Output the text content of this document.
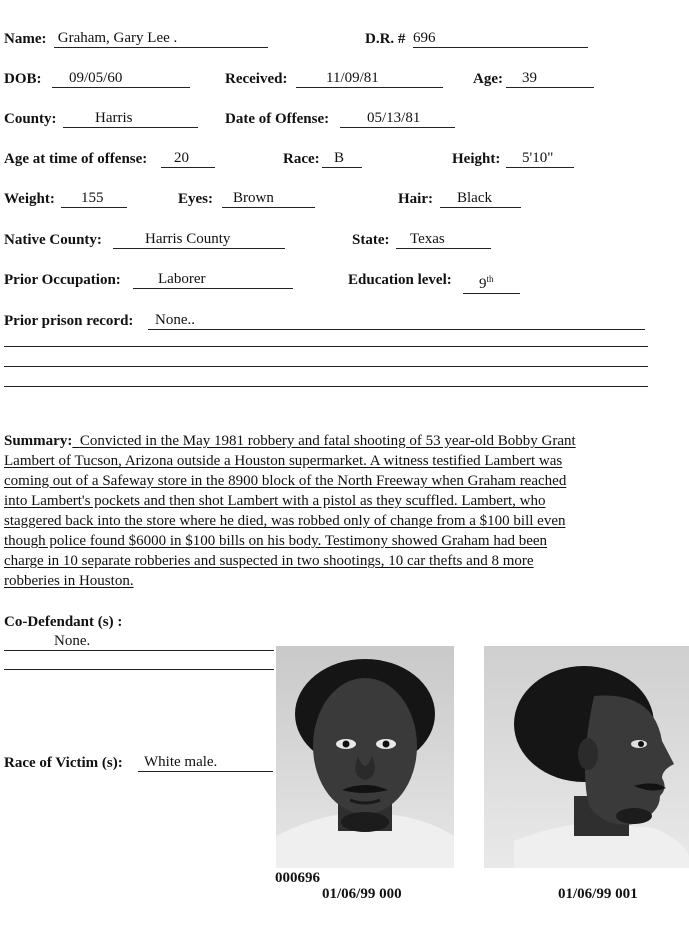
Name: Graham, Gary Lee .	D.R. # 696
DOB:	09/05/60	Received:	11/09/81	Age:	39
County:	Harris	Date of Offense:	05/13/81
Age at time of offense:	20	Race: B	Height:	5'10"
Weight:	155	Eyes:	Brown	Hair:	Black
Native County:	Harris County	State:	Texas
Prior Occupation:	Laborer	Education level:	9th
Prior prison record:	None..
Summary: Convicted in the May 1981 robbery and fatal shooting of 53 year-old Bobby Grant
Lambert of Tucson, Arizona outside a Houston supermarket. A witness testified Lambert was
coming out of a Safeway store in the 8900 block of the North Freeway when Graham reached
into Lambert's pockets and then shot Lambert with a pistol as they scuffled. Lambert, who
staggered back into the store where he died, was robbed only of change from a $100 bill even
though police found $6000 in $100 bills on his body. Testimony showed Graham had been
charge in 10 separate robberies and suspected in two shootings, 10 car thefts and 8 more
robberies in Houston.
Co-Defendant (s) :
None.
Race of Victim (s):	White male.
000696
01/06/99 000	01/06/99 001
